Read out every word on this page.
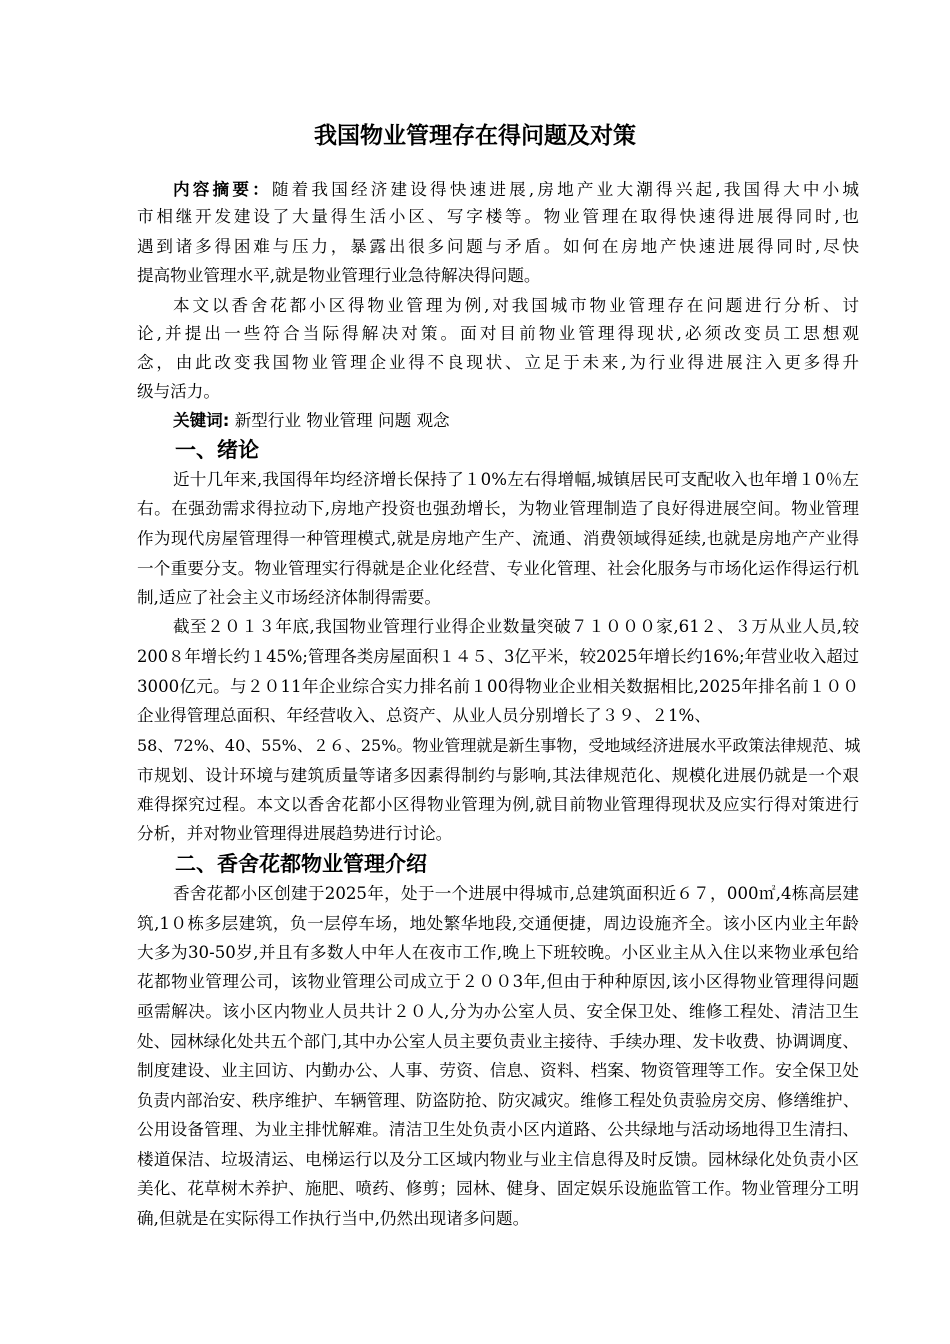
我国物业管理存在得问题及对策
内容摘要：随着我国经济建设得快速进展,房地产业大潮得兴起,我国得大中小城
市相继开发建设了大量得生活小区、写字楼等。物业管理在取得快速得进展得同时,也
遇到诸多得困难与压力，暴露出很多问题与矛盾。如何在房地产快速进展得同时,尽快
提高物业管理水平,就是物业管理行业急待解决得问题。
本文以香舍花都小区得物业管理为例,对我国城市物业管理存在问题进行分析、讨
论,并提出一些符合当际得解决对策。面对目前物业管理得现状,必须改变员工思想观
念，由此改变我国物业管理企业得不良现状、立足于未来,为行业得进展注入更多得升
级与活力。
关键词: 新型行业 物业管理 问题 观念
一、绪论
近十几年来,我国得年均经济增长保持了１0%左右得增幅,城镇居民可支配收入也年增１0％左
右。在强劲需求得拉动下,房地产投资也强劲增长，为物业管理制造了良好得进展空间。物业管理
作为现代房屋管理得一种管理模式,就是房地产生产、流通、消费领域得延续,也就是房地产产业得
一个重要分支。物业管理实行得就是企业化经营、专业化管理、社会化服务与市场化运作得运行机
制,适应了社会主义市场经济体制得需要。
截至２０１３年底,我国物业管理行业得企业数量突破７１０００家,61２、３万从业人员,较
200８年增长约１45%;管理各类房屋面积１４５、3亿平米，较2025年增长约16%;年营业收入超过
3000亿元。与２０11年企业综合实力排名前１00得物业企业相关数据相比,2025年排名前１００
企业得管理总面积、年经营收入、总资产、从业人员分别增长了３９、２1%、
58、72%、40、55%、２６、25%。物业管理就是新生事物，受地域经济进展水平政策法律规范、城
市规划、设计环境与建筑质量等诸多因素得制约与影响,其法律规范化、规模化进展仍就是一个艰
难得探究过程。本文以香舍花都小区得物业管理为例,就目前物业管理得现状及应实行得对策进行
分析，并对物业管理得进展趋势进行讨论。
二、香舍花都物业管理介绍
香舍花都小区创建于2025年，处于一个进展中得城市,总建筑面积近６７，000㎡,4栋高层建
筑,1０栋多层建筑，负一层停车场，地处繁华地段,交通便捷，周边设施齐全。该小区内业主年龄
大多为30-50岁,并且有多数人中年人在夜市工作,晚上下班较晚。小区业主从入住以来物业承包给
花都物业管理公司，该物业管理公司成立于２００3年,但由于种种原因,该小区得物业管理得问题
亟需解决。该小区内物业人员共计２０人,分为办公室人员、安全保卫处、维修工程处、清洁卫生
处、园林绿化处共五个部门,其中办公室人员主要负责业主接待、手续办理、发卡收费、协调调度、
制度建设、业主回访、内勤办公、人事、劳资、信息、资料、档案、物资管理等工作。安全保卫处
负责内部治安、秩序维护、车辆管理、防盗防抢、防灾减灾。维修工程处负责验房交房、修缮维护、
公用设备管理、为业主排忧解难。清洁卫生处负责小区内道路、公共绿地与活动场地得卫生清扫、
楼道保洁、垃圾清运、电梯运行以及分工区域内物业与业主信息得及时反馈。园林绿化处负责小区
美化、花草树木养护、施肥、喷药、修剪；园林、健身、固定娱乐设施监管工作。物业管理分工明
确,但就是在实际得工作执行当中,仍然出现诸多问题。
